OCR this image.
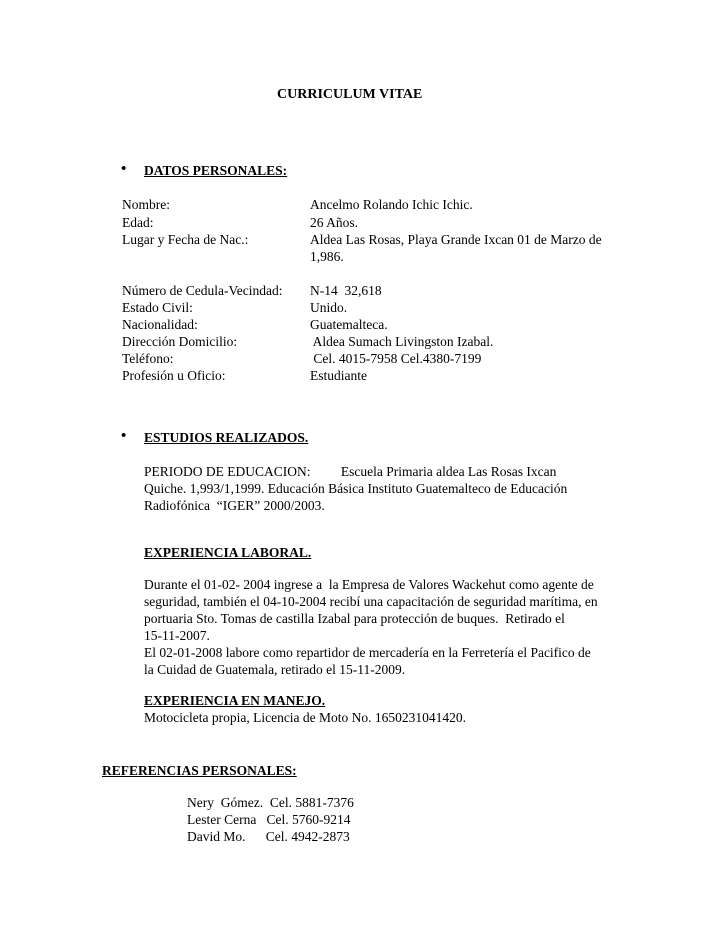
CURRICULUM VITAE
• DATOS PERSONALES:
Nombre:	Ancelmo Rolando Ichic Ichic.
Edad:	26 Años.
Lugar y Fecha de Nac.:	Aldea Las Rosas, Playa Grande Ixcan 01 de Marzo de
1,986.
Número de Cedula-Vecindad: N-14  32,618
Estado Civil:	Unido.
Nacionalidad:	Guatemalteca.
Dirección Domicilio:	Aldea Sumach Livingston Izabal.
Teléfono:	Cel. 4015-7958 Cel.4380-7199
Profesión u Oficio:	Estudiante
• ESTUDIOS REALIZADOS.
PERIODO DE EDUCACION:         Escuela Primaria aldea Las Rosas Ixcan
Quiche. 1,993/1,1999. Educación Básica Instituto Guatemalteco de Educación
Radiofónica  “IGER” 2000/2003.
EXPERIENCIA LABORAL.
Durante el 01-02- 2004 ingrese a  la Empresa de Valores Wackehut como agente de
seguridad, también el 04-10-2004 recibí una capacitación de seguridad marítima, en
portuaria Sto. Tomas de castilla Izabal para protección de buques.  Retirado el
15-11-2007.
El 02-01-2008 labore como repartidor de mercadería en la Ferretería el Pacifico de
la Cuidad de Guatemala, retirado el 15-11-2009.
EXPERIENCIA EN MANEJO.
Motocicleta propia, Licencia de Moto No. 1650231041420.
REFERENCIAS PERSONALES:
Nery  Gómez.  Cel. 5881-7376
Lester Cerna   Cel. 5760-9214
David Mo.      Cel. 4942-2873
